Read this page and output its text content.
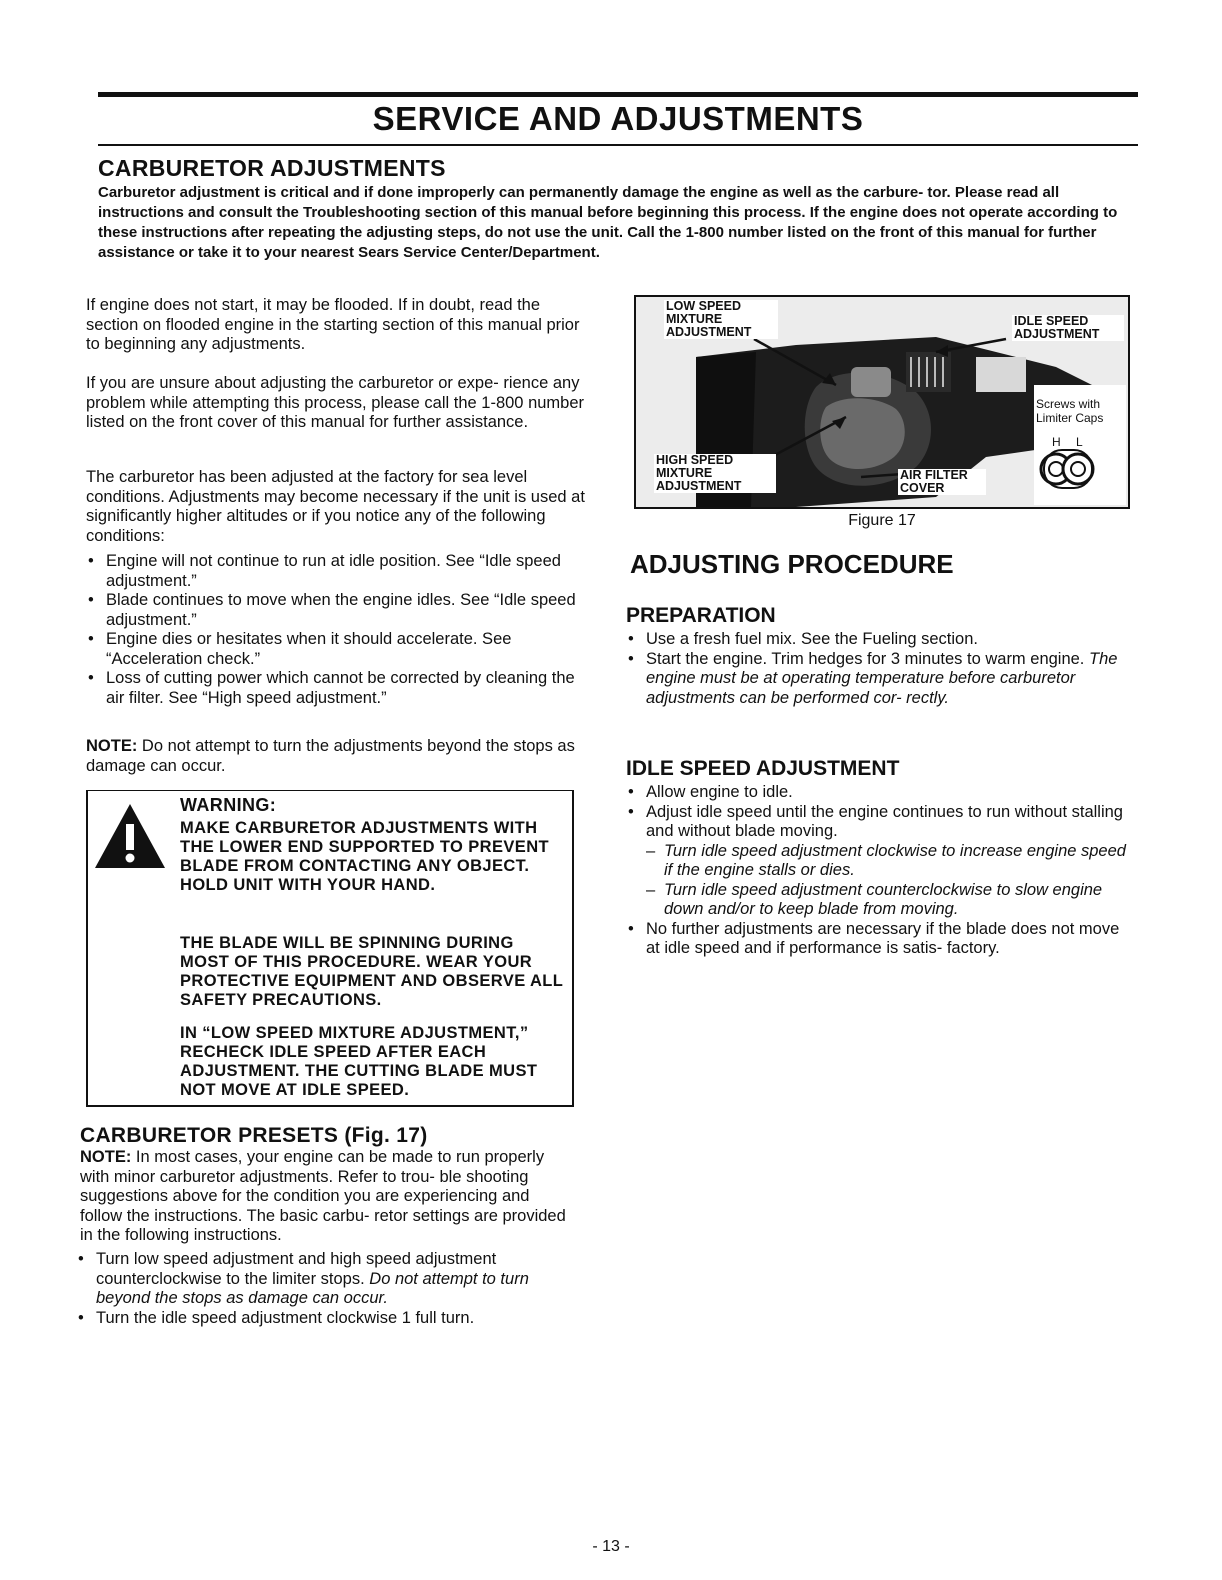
SERVICE AND ADJUSTMENTS
CARBURETOR ADJUSTMENTS
Carburetor adjustment is critical and if done improperly can permanently damage the engine as well as the carbure- tor. Please read all instructions and consult the Troubleshooting section of this manual before beginning this process. If the engine does not operate according to these instructions after repeating the adjusting steps, do not use the unit. Call the 1-800 number listed on the front of this manual for further assistance or take it to your nearest Sears Service Center/Department.

If engine does not start, it may be flooded. If in doubt, read the section on flooded engine in the starting section of this manual prior to beginning any adjustments.

If you are unsure about adjusting the carburetor or expe- rience any problem while attempting this process, please call the 1-800 number listed on the front cover of this manual for further assistance.

The carburetor has been adjusted at the factory for sea level conditions. Adjustments may become necessary if the unit is used at significantly higher altitudes or if you notice any of the following conditions:

• Engine will not continue to run at idle position. See “Idle speed adjustment.”
• Blade continues to move when the engine idles. See “Idle speed adjustment.”
• Engine dies or hesitates when it should accelerate. See “Acceleration check.”
• Loss of cutting power which cannot be corrected by cleaning the air filter. See “High speed adjustment.”

NOTE: Do not attempt to turn the adjustments beyond the stops as damage can occur.

WARNING:
MAKE CARBURETOR ADJUSTMENTS WITH THE LOWER END SUPPORTED TO PREVENT BLADE FROM CONTACTING ANY OBJECT. HOLD UNIT WITH YOUR HAND.
THE BLADE WILL BE SPINNING DURING MOST OF THIS PROCEDURE. WEAR YOUR PROTECTIVE EQUIPMENT AND OBSERVE ALL SAFETY PRECAUTIONS.
IN “LOW SPEED MIXTURE ADJUSTMENT,” RECHECK IDLE SPEED AFTER EACH ADJUSTMENT. THE CUTTING BLADE MUST NOT MOVE AT IDLE SPEED.
CARBURETOR PRESETS (Fig. 17)

NOTE: In most cases, your engine can be made to run properly with minor carburetor adjustments. Refer to trou- ble shooting suggestions above for the condition you are experiencing and follow the instructions. The basic carbu- retor settings are provided in the following instructions.

• Turn low speed adjustment and high speed adjustment counterclockwise to the limiter stops. Do not attempt to turn beyond the stops as damage can occur.
• Turn the idle speed adjustment clockwise 1 full turn.
LOW SPEED MIXTURE ADJUSTMENT
IDLE SPEED ADJUSTMENT
HIGH SPEED MIXTURE ADJUSTMENT
AIR FILTER COVER
Screws with Limiter Caps
H L
Figure 17
ADJUSTING PROCEDURE
PREPARATION
• Use a fresh fuel mix. See the Fueling section.
• Start the engine. Trim hedges for 3 minutes to warm engine. The engine must be at operating temperature before carburetor adjustments can be performed cor- rectly.
IDLE SPEED ADJUSTMENT
• Allow engine to idle.
• Adjust idle speed until the engine continues to run without stalling and without blade moving.
– Turn idle speed adjustment clockwise to increase engine speed if the engine stalls or dies.
– Turn idle speed adjustment counterclockwise to slow engine down and/or to keep blade from moving.
• No further adjustments are necessary if the blade does not move at idle speed and if performance is satis- factory.
- 13 -
